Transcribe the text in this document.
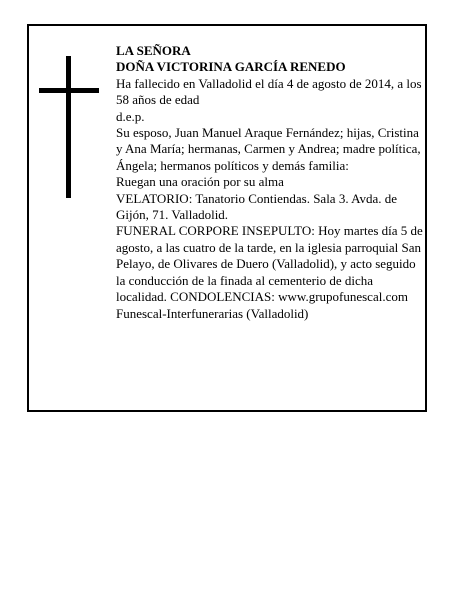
LA SEÑORA

DOÑA VICTORINA GARCÍA RENEDO

Ha fallecido en Valladolid el día 4 de agosto de 2014, a los 58 años de edad

d.e.p.

Su esposo, Juan Manuel Araque Fernández; hijas, Cristina y Ana María; hermanas, Carmen y Andrea; madre política, Ángela; hermanos políticos y demás familia:

Ruegan una oración por su alma

VELATORIO: Tanatorio Contiendas. Sala 3. Avda. de Gijón, 71. Valladolid.

FUNERAL CORPORE INSEPULTO: Hoy martes día 5 de agosto, a las cuatro de la tarde, en la iglesia parroquial San Pelayo, de Olivares de Duero (Valladolid), y acto seguido la conducción de la finada al cementerio de dicha localidad. CONDOLENCIAS: www.grupofunescal.com

Funescal-Interfunerarias (Valladolid)
